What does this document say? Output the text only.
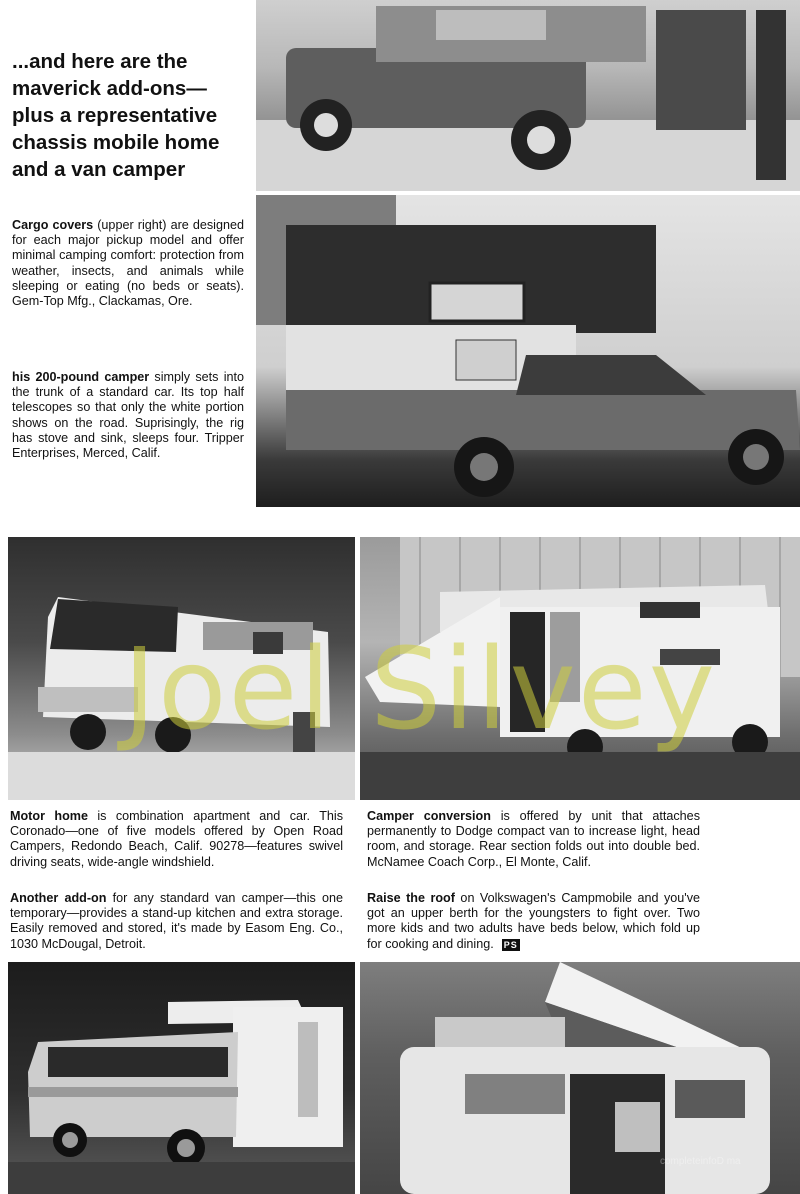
...and here are the maverick add-ons—plus a representative chassis mobile home and a van camper

Cargo covers (upper right) are designed for each major pickup model and offer minimal camping comfort: protection from weather, insects, and animals while sleeping or eating (no beds or seats). Gem-Top Mfg., Clackamas, Ore.

his 200-pound camper simply sets into the trunk of a standard car. Its top half telescopes so that only the white portion shows on the road. Suprisingly, the rig has stove and sink, sleeps four. Tripper Enterprises, Merced, Calif.

Joel Silvey

Motor home is combination apartment and car. This Coronado—one of five models offered by Open Road Campers, Redondo Beach, Calif. 90278—features swivel driving seats, wide-angle windshield.

Camper conversion is offered by unit that attaches permanently to Dodge compact van to increase light, head room, and storage. Rear section folds out into double bed. McNamee Coach Corp., El Monte, Calif.

Another add-on for any standard van camper—this one temporary—provides a stand-up kitchen and extra storage. Easily removed and stored, it's made by Easom Eng. Co., 1030 McDougal, Detroit.

Raise the roof on Volkswagen's Campmobile and you've got an upper berth for the youngsters to fight over. Two more kids and two adults have beds below, which fold up for cooking and dining. PS

completeinfoD ma
